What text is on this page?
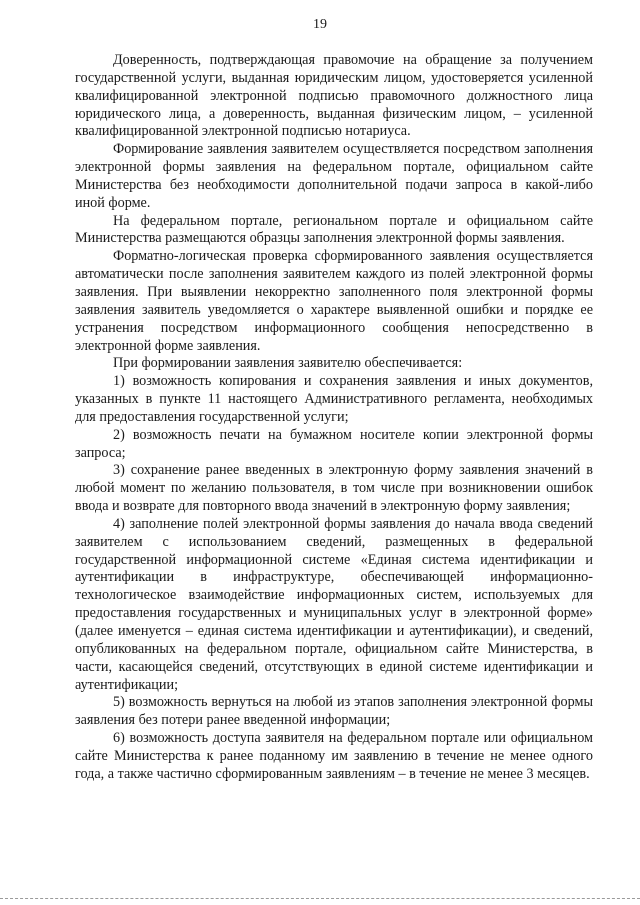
19

Доверенность, подтверждающая правомочие на обращение за получением государственной услуги, выданная юридическим лицом, удостоверяется усиленной квалифицированной электронной подписью правомочного должностного лица юридического лица, а доверенность, выданная физическим лицом, – усиленной квалифицированной электронной подписью нотариуса.

Формирование заявления заявителем осуществляется посредством заполнения электронной формы заявления на федеральном портале, официальном сайте Министерства без необходимости дополнительной подачи запроса в какой-либо иной форме.

На федеральном портале, региональном портале и официальном сайте Министерства размещаются образцы заполнения электронной формы заявления.

Форматно-логическая проверка сформированного заявления осуществляется автоматически после заполнения заявителем каждого из полей электронной формы заявления. При выявлении некорректно заполненного поля электронной формы заявления заявитель уведомляется о характере выявленной ошибки и порядке ее устранения посредством информационного сообщения непосредственно в электронной форме заявления.

При формировании заявления заявителю обеспечивается:

1) возможность копирования и сохранения заявления и иных документов, указанных в пункте 11 настоящего Административного регламента, необходимых для предоставления государственной услуги;

2) возможность печати на бумажном носителе копии электронной формы запроса;

3) сохранение ранее введенных в электронную форму заявления значений в любой момент по желанию пользователя, в том числе при возникновении ошибок ввода и возврате для повторного ввода значений в электронную форму заявления;

4) заполнение полей электронной формы заявления до начала ввода сведений заявителем с использованием сведений, размещенных в федеральной государственной информационной системе «Единая система идентификации и аутентификации в инфраструктуре, обеспечивающей информационно-технологическое взаимодействие информационных систем, используемых для предоставления государственных и муниципальных услуг в электронной форме» (далее именуется – единая система идентификации и аутентификации), и сведений, опубликованных на федеральном портале, официальном сайте Министерства, в части, касающейся сведений, отсутствующих в единой системе идентификации и аутентификации;

5) возможность вернуться на любой из этапов заполнения электронной формы заявления без потери ранее введенной информации;

6) возможность доступа заявителя на федеральном портале или официальном сайте Министерства к ранее поданному им заявлению в течение не менее одного года, а также частично сформированным заявлениям – в течение не менее 3 месяцев.
